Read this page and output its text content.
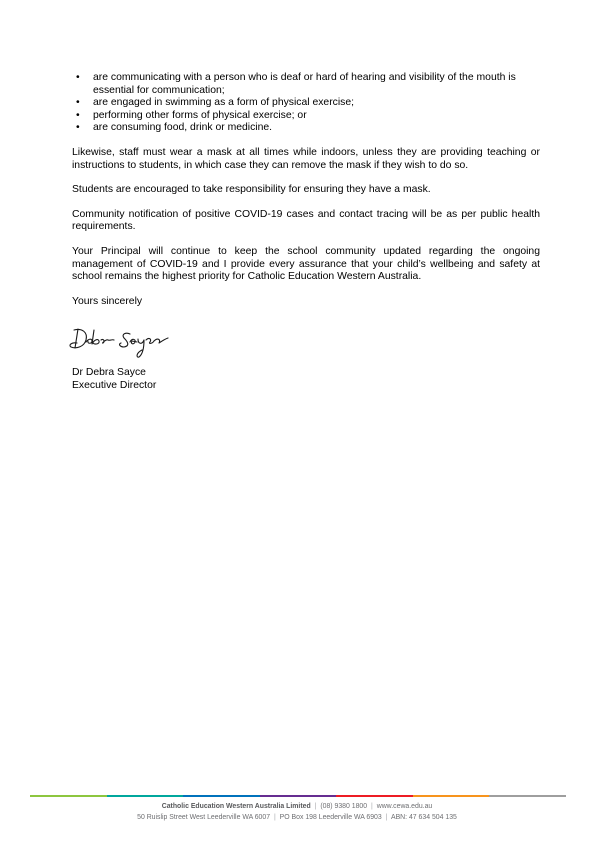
• are communicating with a person who is deaf or hard of hearing and visibility of the mouth is essential for communication;
• are engaged in swimming as a form of physical exercise;
• performing other forms of physical exercise; or
• are consuming food, drink or medicine.

Likewise, staff must wear a mask at all times while indoors, unless they are providing teaching or instructions to students, in which case they can remove the mask if they wish to do so.

Students are encouraged to take responsibility for ensuring they have a mask.

Community notification of positive COVID-19 cases and contact tracing will be as per public health requirements.

Your Principal will continue to keep the school community updated regarding the ongoing management of COVID-19 and I provide every assurance that your child’s wellbeing and safety at school remains the highest priority for Catholic Education Western Australia.

Yours sincerely

Dr Debra Sayce
Executive Director
Catholic Education Western Australia Limited | (08) 9380 1800 | www.cewa.edu.au
50 Ruislip Street West Leederville WA 6007 | PO Box 198 Leederville WA 6903 | ABN: 47 634 504 135
